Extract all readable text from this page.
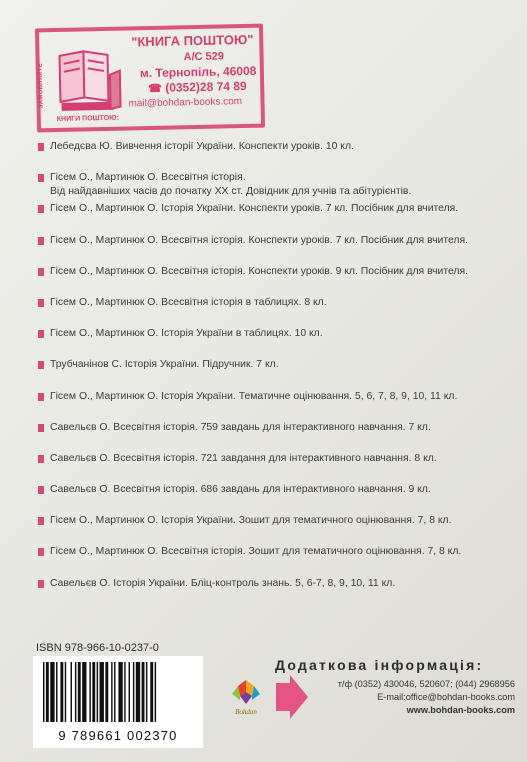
ЗАМОВЛЯЙТЕ
КНИГИ ПОШТОЮ:
"КНИГА ПОШТОЮ"
А/С 529
м. Тернопіль, 46008
☎ (0352)28 74 89
mail@bohdan-books.com
Лебедєва Ю. Вивчення історії України. Конспекти уроків. 10 кл.
Гісем О., Мартинюк О. Всесвітня історія.
Від найдавніших часів до початку XX ст. Довідник для учнів та абітурієнтів.
Гісем О., Мартинюк О. Історія України. Конспекти уроків. 7 кл. Посібник для вчителя.
Гісем О., Мартинюк О. Всесвітня історія. Конспекти уроків. 7 кл. Посібник для вчителя.
Гісем О., Мартинюк О. Всесвітня історія. Конспекти уроків. 9 кл. Посібник для вчителя.
Гісем О., Мартинюк О. Всесвітня історія в таблицях. 8 кл.
Гісем О., Мартинюк О. Історія України в таблицях. 10 кл.
Трубчанінов С. Історія України. Підручник. 7 кл.
Гісем О., Мартинюк О. Історія України. Тематичне оцінювання. 5, 6, 7, 8, 9, 10, 11 кл.
Савельєв О. Всесвітня історія. 759 завдань для інтерактивного навчання. 7 кл.
Савельєв О. Всесвітня історія. 721 завдання для інтерактивного навчання. 8 кл.
Савельєв О. Всесвітня історія. 686 завдань для інтерактивного навчання. 9 кл.
Гісем О., Мартинюк О. Історія України. Зошит для тематичного оцінювання. 7, 8 кл.
Гісем О., Мартинюк О. Всесвітня історія. Зошит для тематичного оцінювання. 7, 8 кл.
Савельєв О. Історія України. Бліц-контроль знань. 5, 6-7, 8, 9, 10, 11 кл.
ISBN 978-966-10-0237-0
9 789661 002370
Bohdan
Додаткова інформація:
т/ф (0352) 430046, 520607; (044) 2968956
E-mail:office@bohdan-books.com
www.bohdan-books.com
